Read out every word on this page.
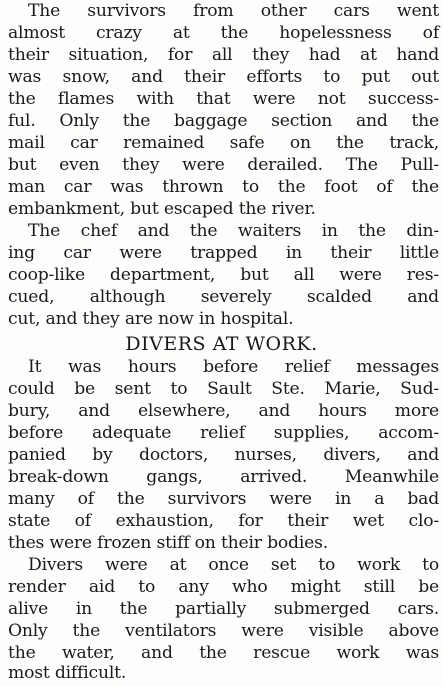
The survivors from other cars went
almost crazy at the hopelessness of
their situation, for all they had at hand
was snow, and their efforts to put out
the flames with that were not success-
ful. Only the baggage section and the
mail car remained safe on the track,
but even they were derailed. The Pull-
man car was thrown to the foot of the
embankment, but escaped the river.
The chef and the waiters in the din-
ing car were trapped in their little
coop-like department, but all were res-
cued, although severely scalded and
cut, and they are now in hospital.
DIVERS AT WORK.
It was hours before relief messages
could be sent to Sault Ste. Marie, Sud-
bury, and elsewhere, and hours more
before adequate relief supplies, accom-
panied by doctors, nurses, divers, and
break-down gangs, arrived. Meanwhile
many of the survivors were in a bad
state of exhaustion, for their wet clo-
thes were frozen stiff on their bodies.
Divers were at once set to work to
render aid to any who might still be
alive in the partially submerged cars.
Only the ventilators were visible above
the water, and the rescue work was
most difficult.
